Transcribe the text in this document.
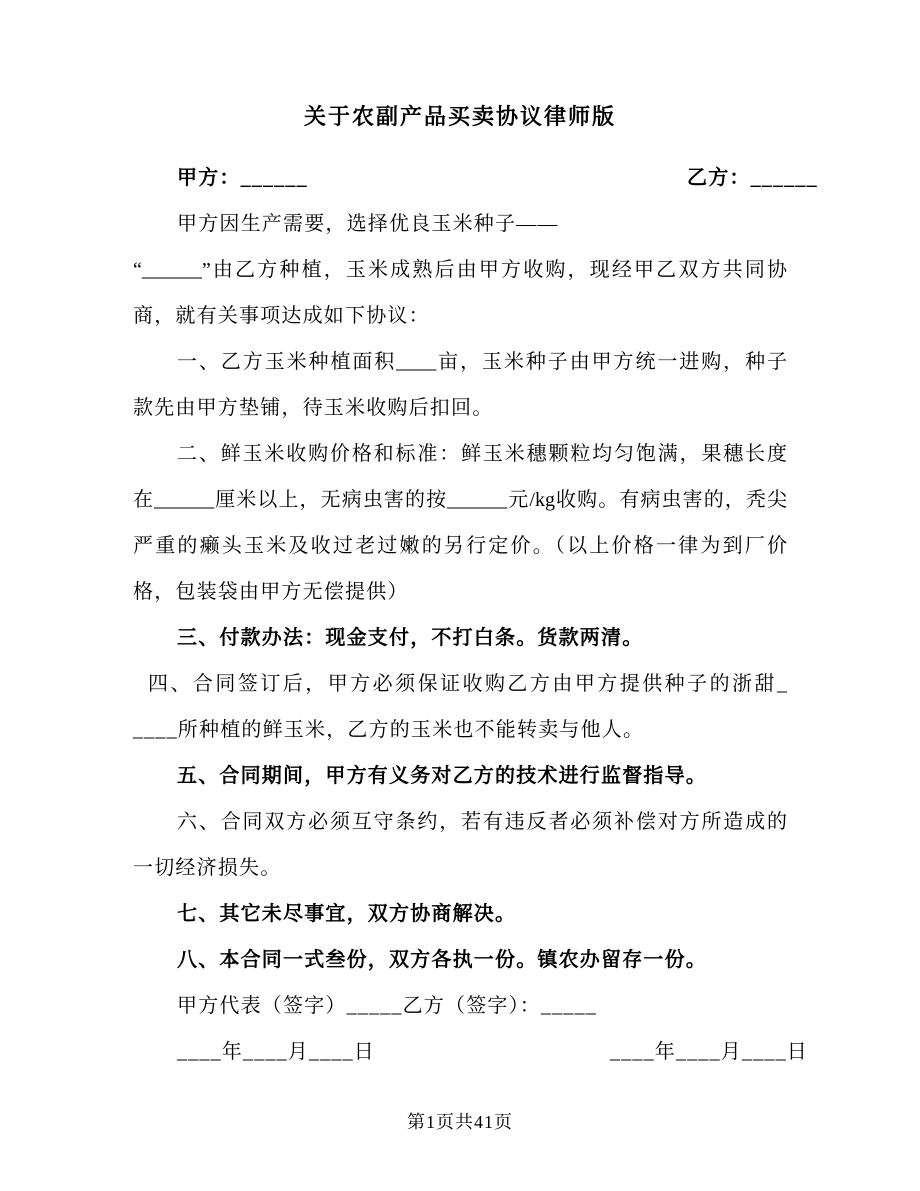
关于农副产品买卖协议律师版
甲方：______	乙方：______
甲方因生产需要，选择优良玉米种子——
“______”由乙方种植，玉米成熟后由甲方收购，现经甲乙双方共同协
商，就有关事项达成如下协议：
一、乙方玉米种植面积____亩，玉米种子由甲方统一进购，种子
款先由甲方垫铺，待玉米收购后扣回。
二、鲜玉米收购价格和标准：鲜玉米穗颗粒均匀饱满，果穗长度
在______厘米以上，无病虫害的按______元/kg收购。有病虫害的，秃尖
严重的癞头玉米及收过老过嫩的另行定价。（以上价格一律为到厂价
格，包装袋由甲方无偿提供）
三、付款办法：现金支付，不打白条。货款两清。
四、合同签订后，甲方必须保证收购乙方由甲方提供种子的浙甜_
____所种植的鲜玉米，乙方的玉米也不能转卖与他人。
五、合同期间，甲方有义务对乙方的技术进行监督指导。
六、合同双方必须互守条约，若有违反者必须补偿对方所造成的
一切经济损失。
七、其它未尽事宜，双方协商解决。
八、本合同一式叁份，双方各执一份。镇农办留存一份。
甲方代表（签字）_____乙方（签字）：_____
____年____月____日	____年____月____日
第1页共41页
